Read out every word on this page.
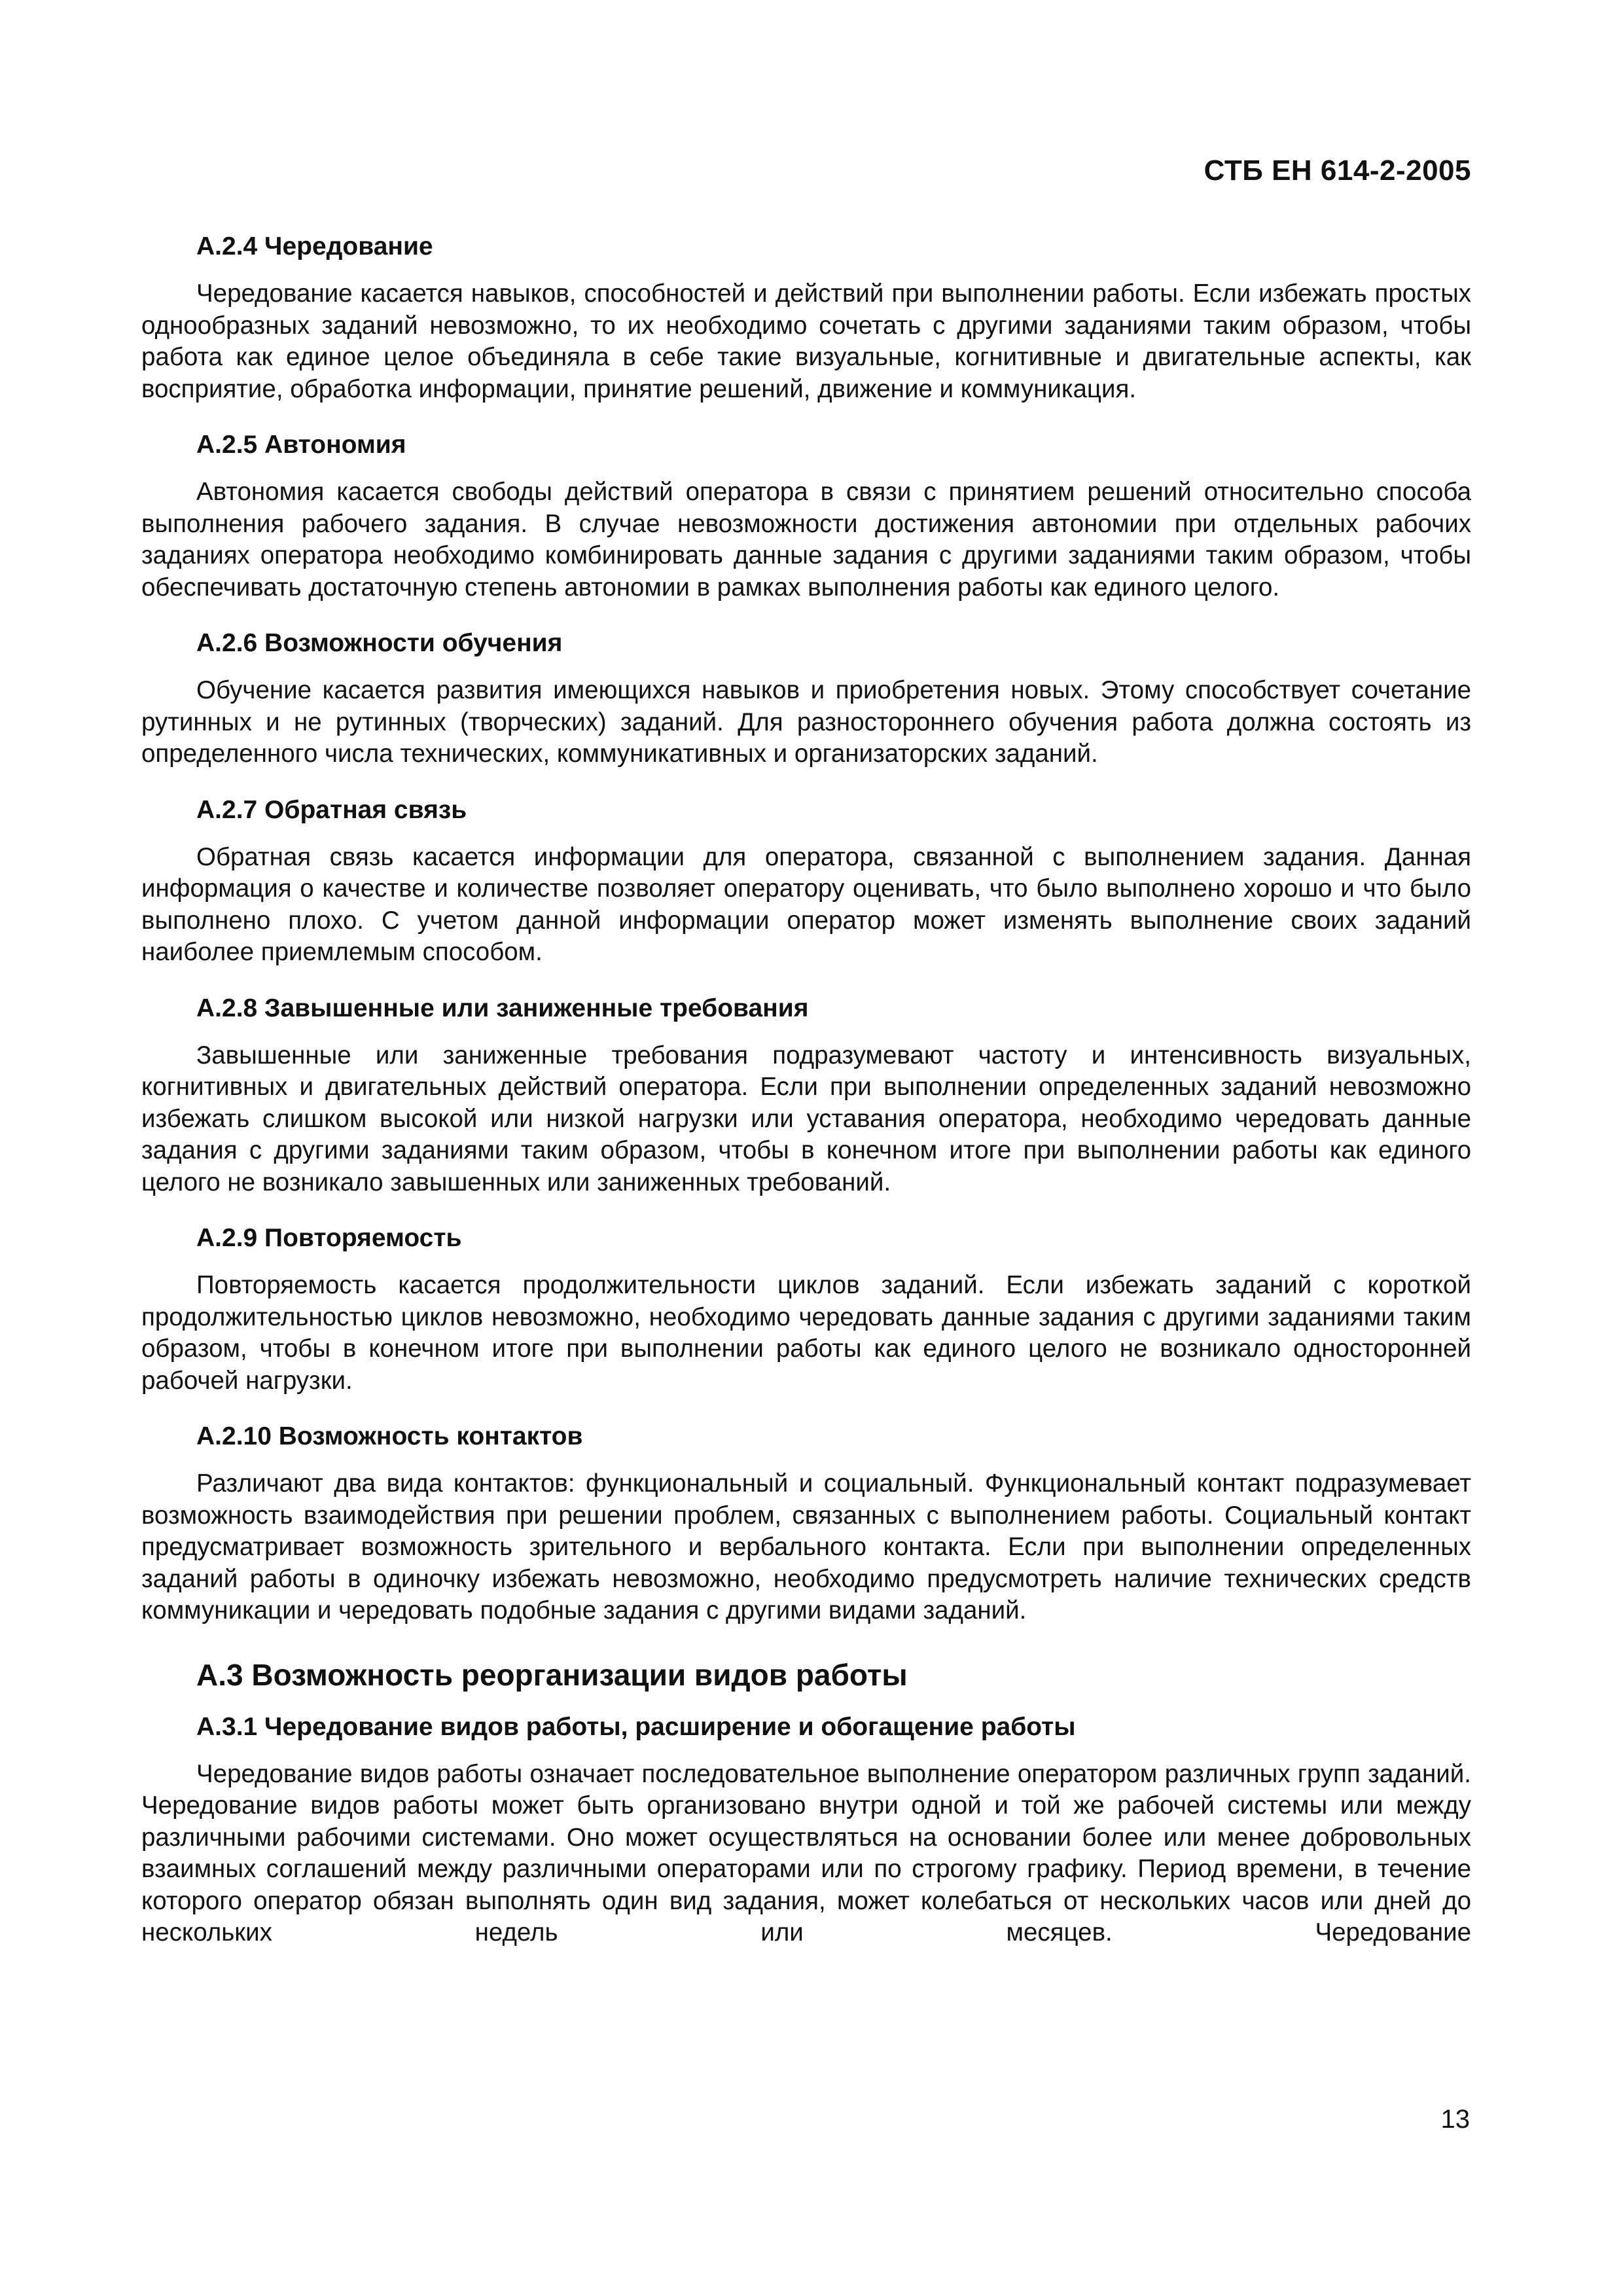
СТБ ЕН 614-2-2005
А.2.4 Чередование

Чередование касается навыков, способностей и действий при выполнении работы. Если избежать простых однообразных заданий невозможно, то их необходимо сочетать с другими заданиями таким образом, чтобы работа как единое целое объединяла в себе такие визуальные, когнитивные и двигательные аспекты, как восприятие, обработка информации, принятие решений, движение и коммуникация.

А.2.5 Автономия

Автономия касается свободы действий оператора в связи с принятием решений относительно способа выполнения рабочего задания. В случае невозможности достижения автономии при отдельных рабочих заданиях оператора необходимо комбинировать данные задания с другими заданиями таким образом, чтобы обеспечивать достаточную степень автономии в рамках выполнения работы как единого целого.

А.2.6 Возможности обучения

Обучение касается развития имеющихся навыков и приобретения новых. Этому способствует сочетание рутинных и не рутинных (творческих) заданий. Для разностороннего обучения работа должна состоять из определенного числа технических, коммуникативных и организаторских заданий.

А.2.7 Обратная связь

Обратная связь касается информации для оператора, связанной с выполнением задания. Данная информация о качестве и количестве позволяет оператору оценивать, что было выполнено хорошо и что было выполнено плохо. С учетом данной информации оператор может изменять выполнение своих заданий наиболее приемлемым способом.

А.2.8 Завышенные или заниженные требования

Завышенные или заниженные требования подразумевают частоту и интенсивность визуальных, когнитивных и двигательных действий оператора. Если при выполнении определенных заданий невозможно избежать слишком высокой или низкой нагрузки или уставания оператора, необходимо чередовать данные задания с другими заданиями таким образом, чтобы в конечном итоге при выполнении работы как единого целого не возникало завышенных или заниженных требований.

А.2.9 Повторяемость

Повторяемость касается продолжительности циклов заданий. Если избежать заданий с короткой продолжительностью циклов невозможно, необходимо чередовать данные задания с другими заданиями таким образом, чтобы в конечном итоге при выполнении работы как единого целого не возникало односторонней рабочей нагрузки.

А.2.10 Возможность контактов

Различают два вида контактов: функциональный и социальный. Функциональный контакт подразумевает возможность взаимодействия при решении проблем, связанных с выполнением работы. Социальный контакт предусматривает возможность зрительного и вербального контакта. Если при выполнении определенных заданий работы в одиночку избежать невозможно, необходимо предусмотреть наличие технических средств коммуникации и чередовать подобные задания с другими видами заданий.

А.3 Возможность реорганизации видов работы
А.3.1 Чередование видов работы, расширение и обогащение работы

Чередование видов работы означает последовательное выполнение оператором различных групп заданий. Чередование видов работы может быть организовано внутри одной и той же рабочей системы или между различными рабочими системами. Оно может осуществляться на основании более или менее добровольных взаимных соглашений между различными операторами или по строгому графику. Период времени, в течение которого оператор обязан выполнять один вид задания, может колебаться от нескольких часов или дней до нескольких недель или месяцев. Чередование

13
